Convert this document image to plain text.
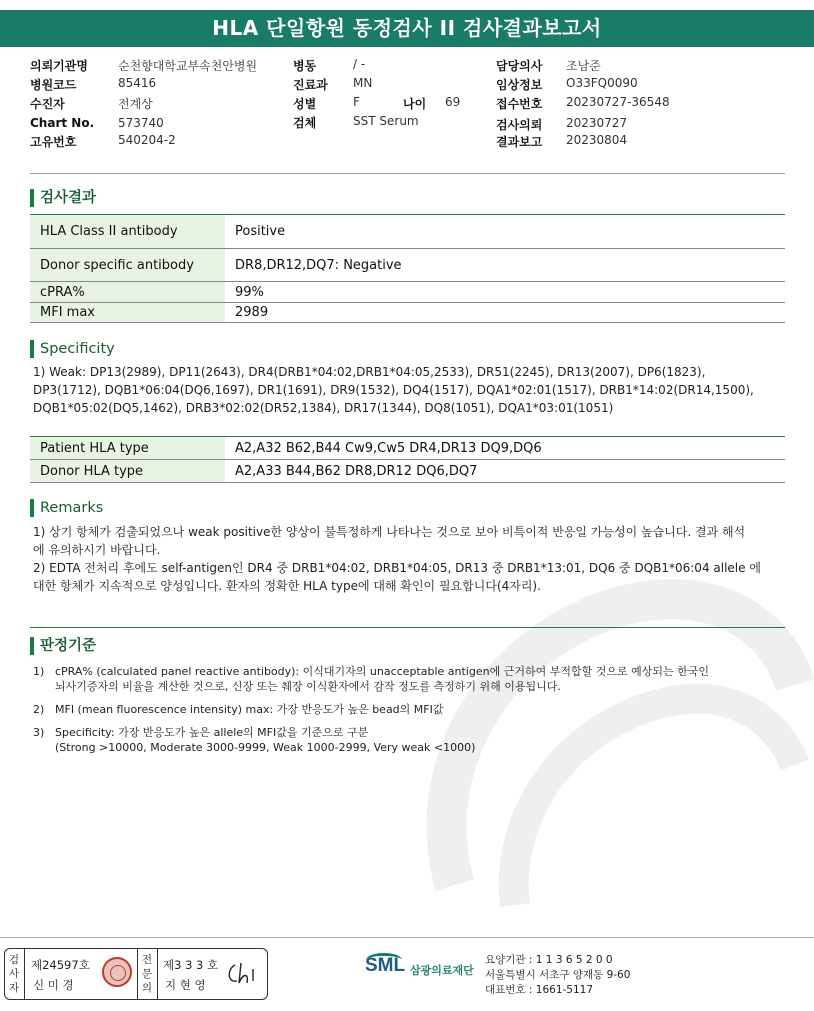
HLA 단일항원 동정검사 II 검사결과보고서
의뢰기관명	순천향대학교부속천안병원
병원코드	85416
수진자	전계상
Chart No. 573740
고유번호	540204-2
병동	/ -
진료과 MN
성별	F	나이 69
검체	SST Serum
담당의사 조남준
임상정보 O33FQ0090
접수번호 20230727-36548
검사의뢰 20230727
결과보고 20230804
검사결과
HLA Class II antibody	Positive
Donor specific antibody	DR8,DR12,DQ7: Negative
cPRA%	99%
MFI max	2989
Specificity
1) Weak: DP13(2989), DP11(2643), DR4(DRB1*04:02,DRB1*04:05,2533), DR51(2245), DR13(2007), DP6(1823),
DP3(1712), DQB1*06:04(DQ6,1697), DR1(1691), DR9(1532), DQ4(1517), DQA1*02:01(1517), DRB1*14:02(DR14,1500),
DQB1*05:02(DQ5,1462), DRB3*02:02(DR52,1384), DR17(1344), DQ8(1051), DQA1*03:01(1051)
Patient HLA type	A2,A32 B62,B44 Cw9,Cw5 DR4,DR13 DQ9,DQ6
Donor HLA type	A2,A33 B44,B62 DR8,DR12 DQ6,DQ7
Remarks
1) 상기 항체가 검출되었으나 weak positive한 양상이 불특정하게 나타나는 것으로 보아 비특이적 반응일 가능성이 높습니다. 결과 해석
에 유의하시기 바랍니다.
2) EDTA 전처리 후에도 self-antigen인 DR4 중 DRB1*04:02, DRB1*04:05, DR13 중 DRB1*13:01, DQ6 중 DQB1*06:04 allele 에
대한 항체가 지속적으로 양성입니다. 환자의 정확한 HLA type에 대해 확인이 필요합니다(4자리).
판정기준
1) cPRA% (calculated panel reactive antibody): 이식대기자의 unacceptable antigen에 근거하여 부적합할 것으로 예상되는 한국인
뇌사기증자의 비율을 계산한 것으로, 신장 또는 췌장 이식환자에서 감작 정도를 측정하기 위해 이용됩니다.
2) MFI (mean fluorescence intensity) max: 가장 반응도가 높은 bead의 MFI값
3) Specificity: 가장 반응도가 높은 allele의 MFI값을 기준으로 구분
(Strong >10000, Moderate 3000-9999, Weak 1000-2999, Very weak <1000)
검사자
제24597호
신 미 경
전문의
제3 3 3 호
지 현 영
SML 삼광의료재단
요양기관 : 1 1 3 6 5 2 0 0
서울특별시 서초구 양재동 9-60
대표번호 : 1661-5117
